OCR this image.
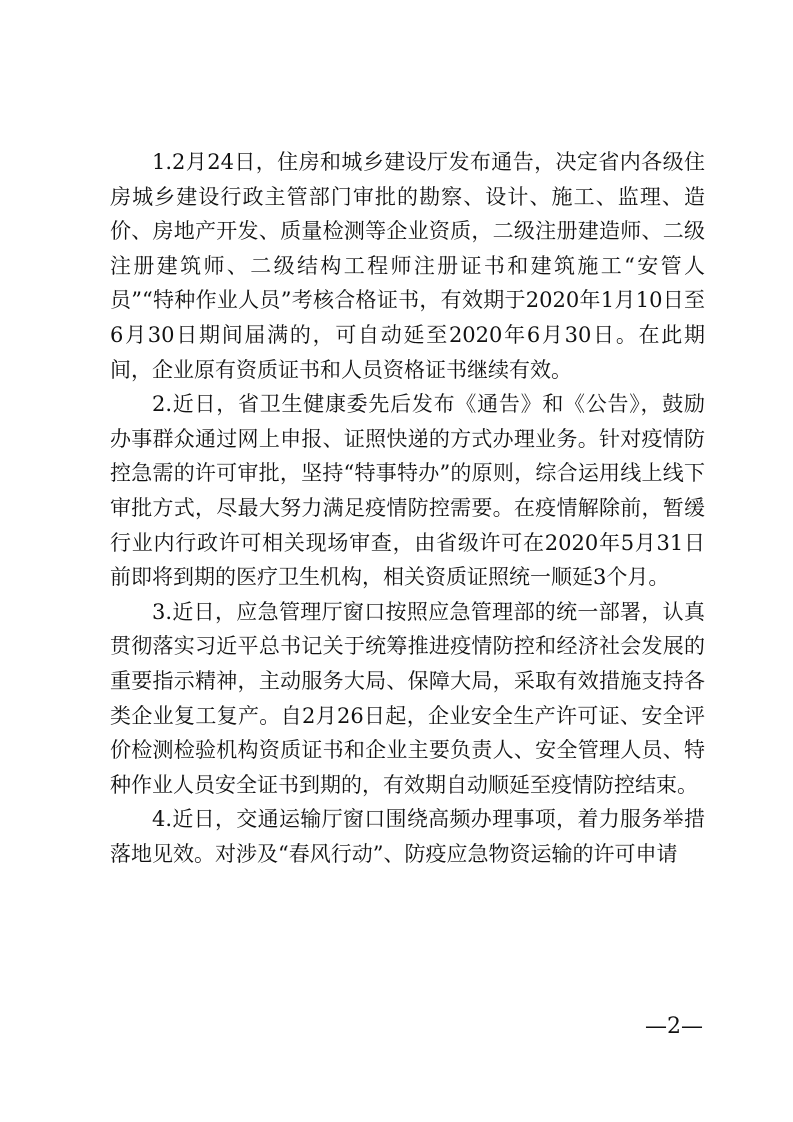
1.2月24日，住房和城乡建设厅发布通告，决定省内各级住房城乡建设行政主管部门审批的勘察、设计、施工、监理、造价、房地产开发、质量检测等企业资质，二级注册建造师、二级注册建筑师、二级结构工程师注册证书和建筑施工“安管人员”“特种作业人员”考核合格证书，有效期于2020年1月10日至6月30日期间届满的，可自动延至2020年6月30日。在此期间，企业原有资质证书和人员资格证书继续有效。

2.近日，省卫生健康委先后发布《通告》和《公告》，鼓励办事群众通过网上申报、证照快递的方式办理业务。针对疫情防控急需的许可审批，坚持“特事特办”的原则，综合运用线上线下审批方式，尽最大努力满足疫情防控需要。在疫情解除前，暂缓行业内行政许可相关现场审查，由省级许可在2020年5月31日前即将到期的医疗卫生机构，相关资质证照统一顺延3个月。

3.近日，应急管理厅窗口按照应急管理部的统一部署，认真贯彻落实习近平总书记关于统筹推进疫情防控和经济社会发展的重要指示精神，主动服务大局、保障大局，采取有效措施支持各类企业复工复产。自2月26日起，企业安全生产许可证、安全评价检测检验机构资质证书和企业主要负责人、安全管理人员、特种作业人员安全证书到期的，有效期自动顺延至疫情防控结束。

4.近日，交通运输厅窗口围绕高频办理事项，着力服务举措落地见效。对涉及“春风行动”、防疫应急物资运输的许可申请

—2—
